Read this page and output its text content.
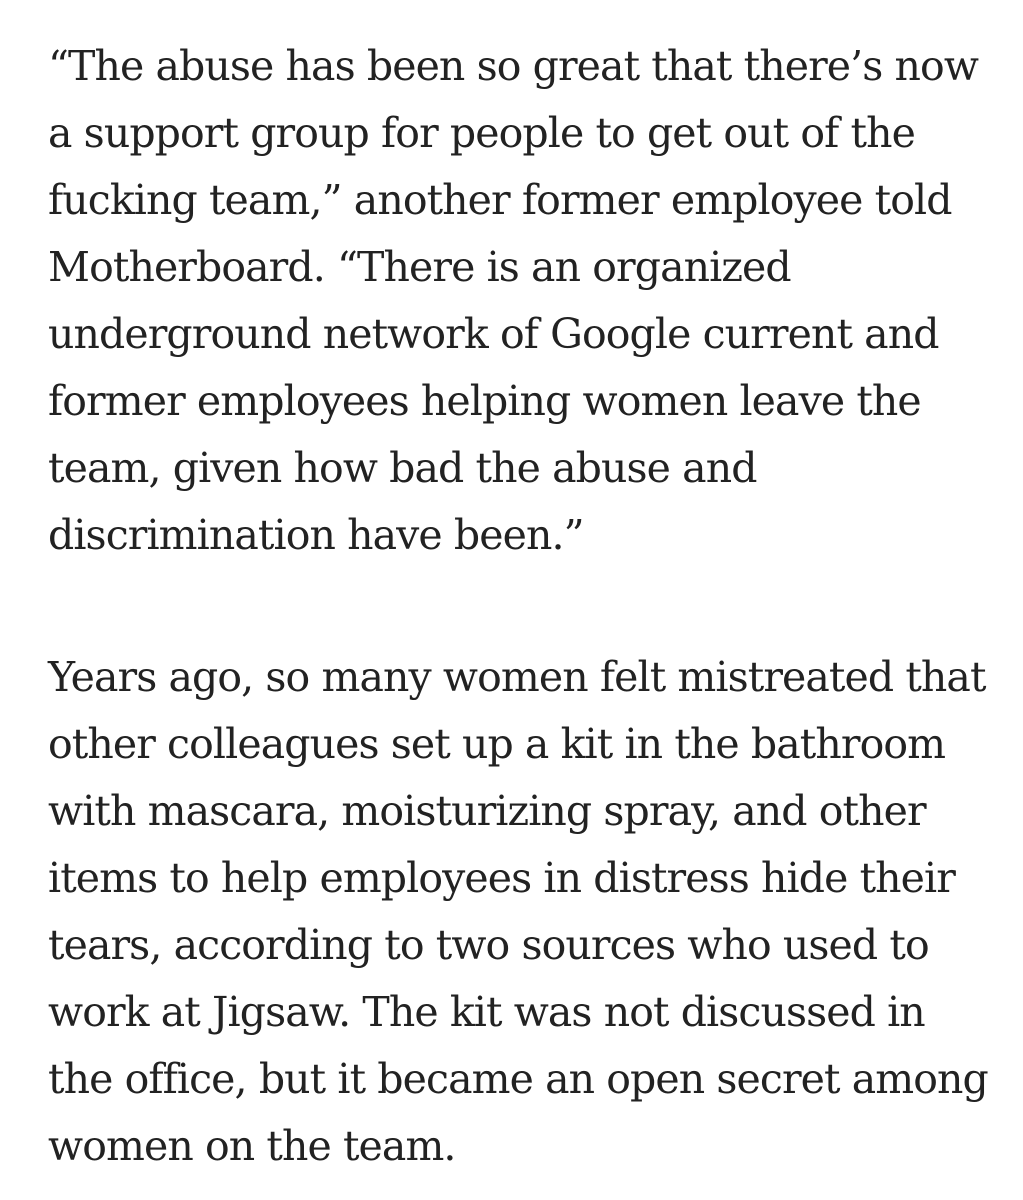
“The abuse has been so great that there’s now
a support group for people to get out of the
fucking team,” another former employee told
Motherboard. “There is an organized
underground network of Google current and
former employees helping women leave the
team, given how bad the abuse and
discrimination have been.”

Years ago, so many women felt mistreated that
other colleagues set up a kit in the bathroom
with mascara, moisturizing spray, and other
items to help employees in distress hide their
tears, according to two sources who used to
work at Jigsaw. The kit was not discussed in
the office, but it became an open secret among
women on the team.
